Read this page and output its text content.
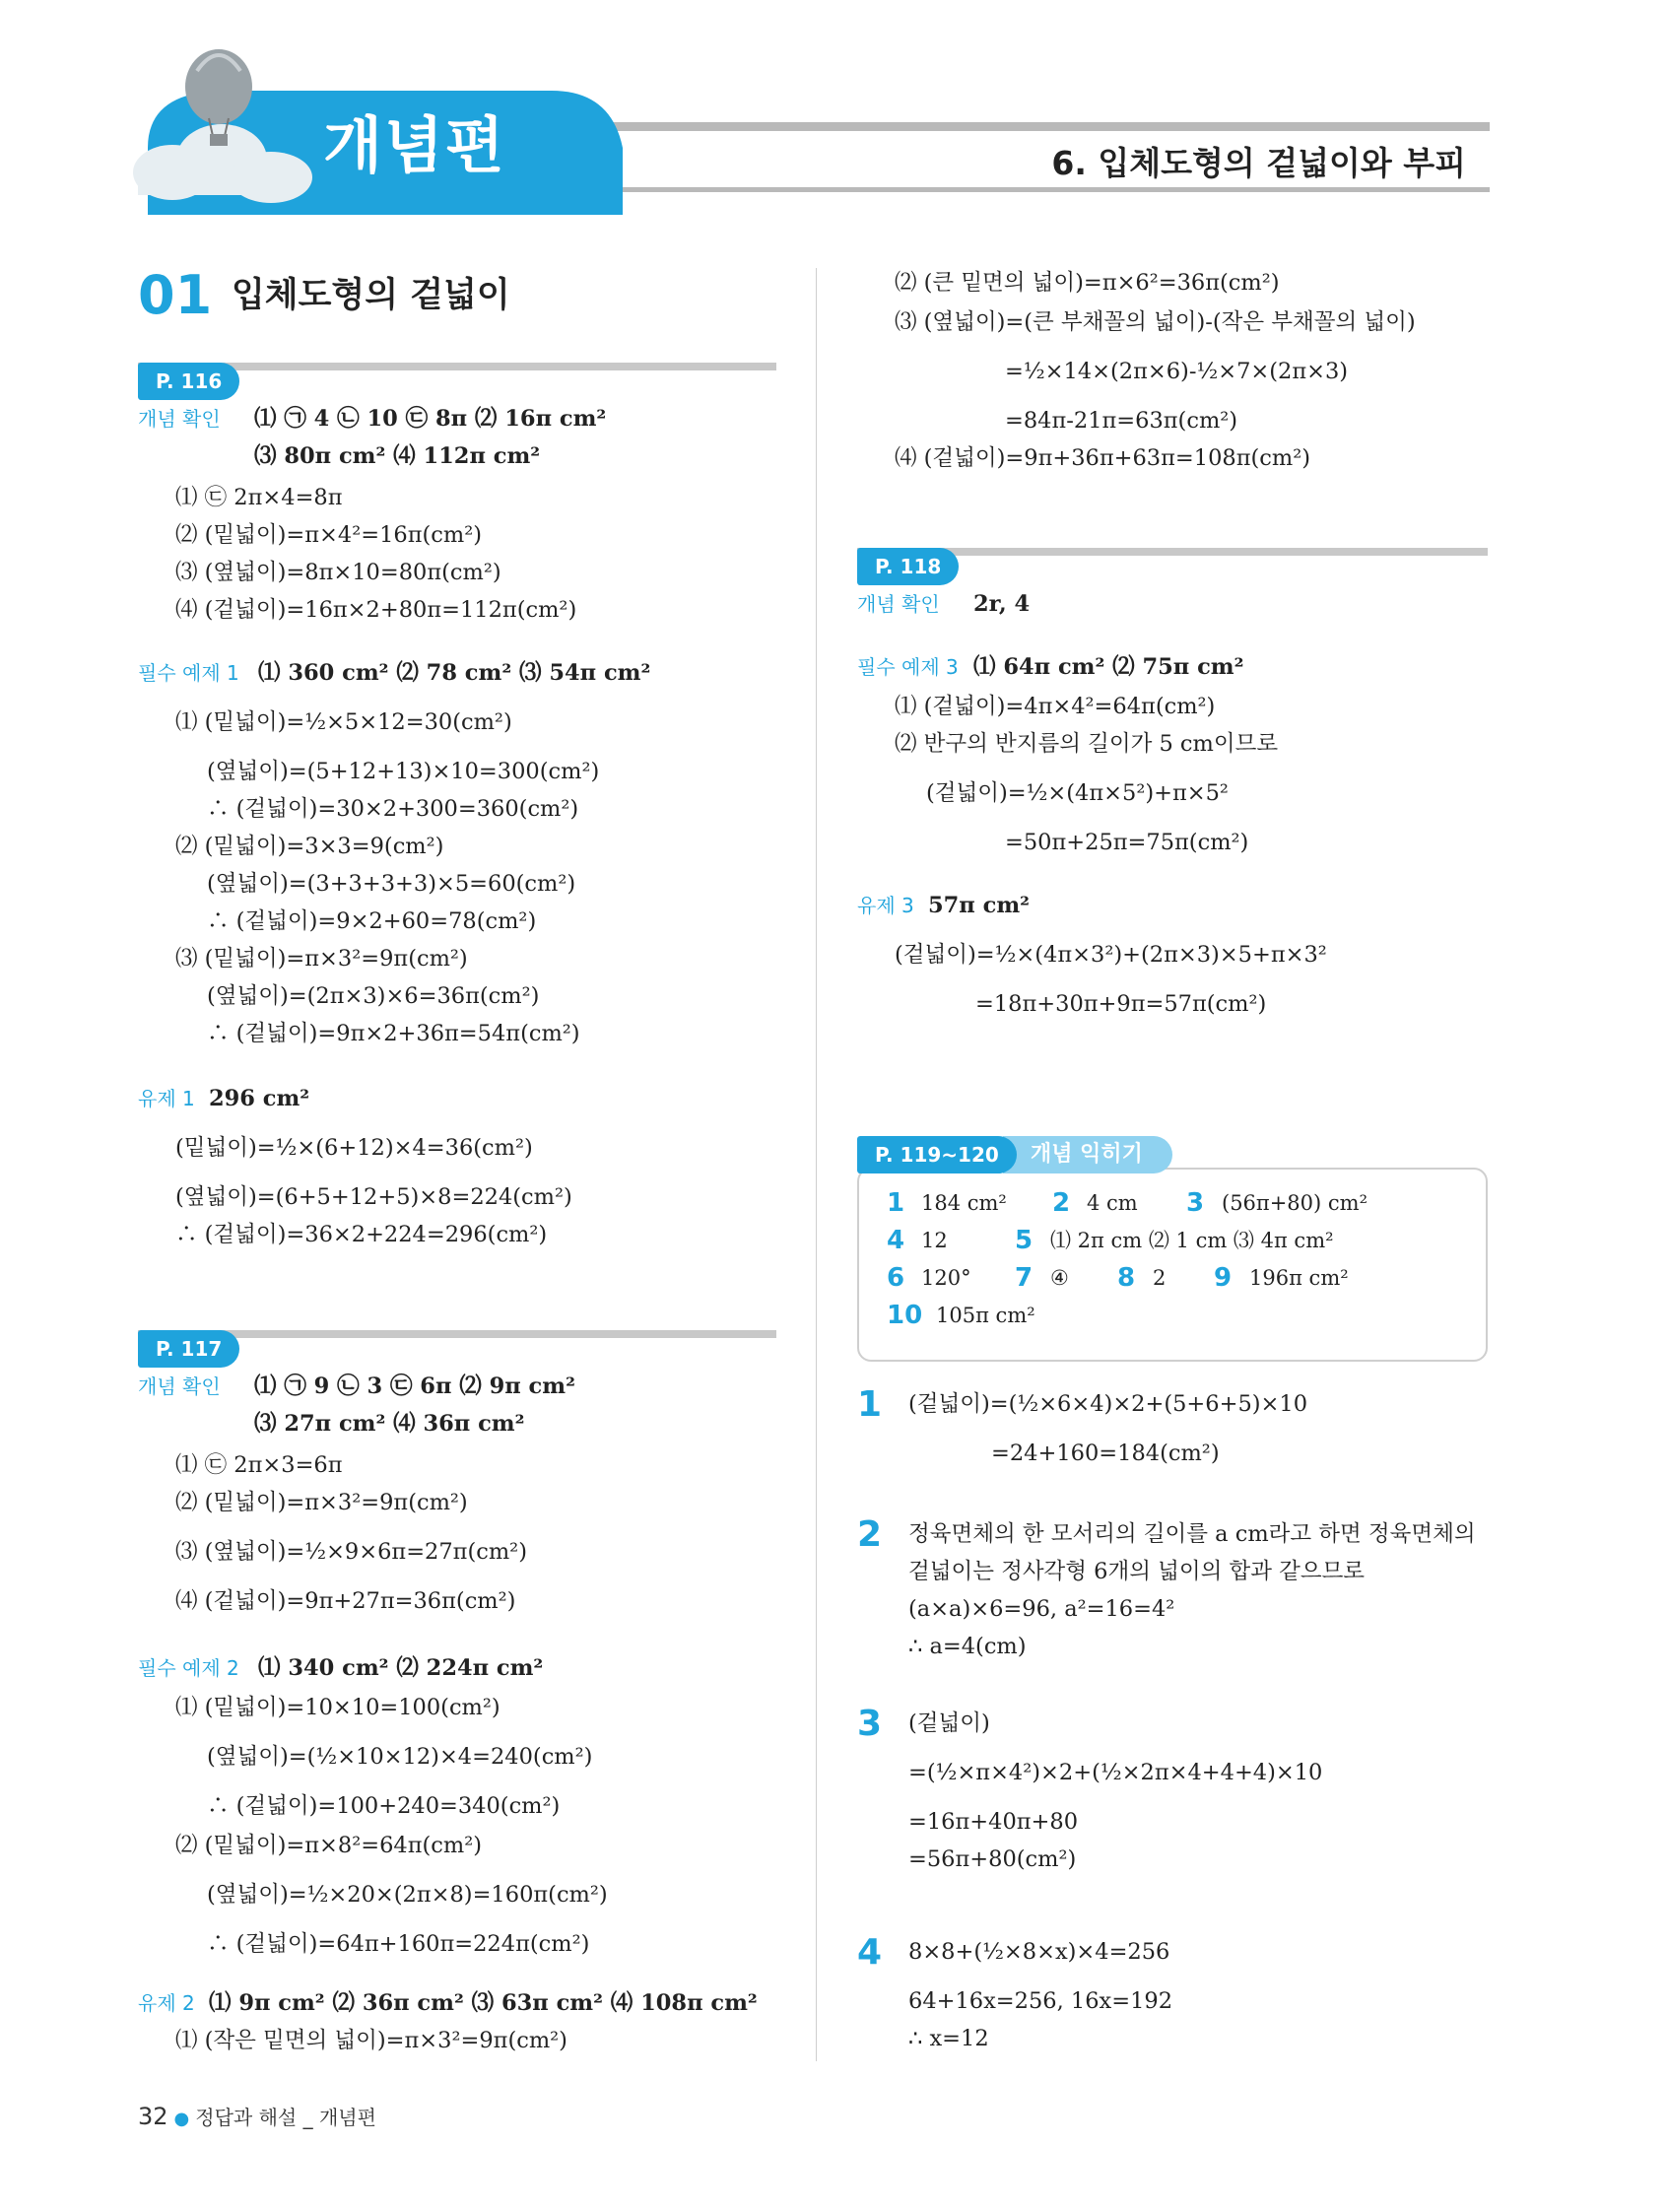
개념편	6. 입체도형의 겉넓이와 부피
01 입체도형의 겉넓이
P. 116
개념 확인 ⑴ ㉠ 4 ㉡ 10 ㉢ 8π ⑵ 16π cm²
⑶ 80π cm² ⑷ 112π cm²
⑴ ㉢ 2π×4=8π
⑵ (밑넓이)=π×4²=16π(cm²)
⑶ (옆넓이)=8π×10=80π(cm²)
⑷ (겉넓이)=16π×2+80π=112π(cm²)
필수 예제 1 ⑴ 360 cm² ⑵ 78 cm² ⑶ 54π cm²
⑴ (밑넓이)=½×5×12=30(cm²)
(옆넓이)=(5+12+13)×10=300(cm²)
∴ (겉넓이)=30×2+300=360(cm²)
⑵ (밑넓이)=3×3=9(cm²)
(옆넓이)=(3+3+3+3)×5=60(cm²)
∴ (겉넓이)=9×2+60=78(cm²)
⑶ (밑넓이)=π×3²=9π(cm²)
(옆넓이)=(2π×3)×6=36π(cm²)
∴ (겉넓이)=9π×2+36π=54π(cm²)
유제 1 296 cm²
(밑넓이)=½×(6+12)×4=36(cm²)
(옆넓이)=(6+5+12+5)×8=224(cm²)
∴ (겉넓이)=36×2+224=296(cm²)
P. 117
개념 확인 ⑴ ㉠ 9 ㉡ 3 ㉢ 6π ⑵ 9π cm²
⑶ 27π cm² ⑷ 36π cm²
⑴ ㉢ 2π×3=6π
⑵ (밑넓이)=π×3²=9π(cm²)
⑶ (옆넓이)=½×9×6π=27π(cm²)
⑷ (겉넓이)=9π+27π=36π(cm²)
필수 예제 2 ⑴ 340 cm² ⑵ 224π cm²
⑴ (밑넓이)=10×10=100(cm²)
(옆넓이)=(½×10×12)×4=240(cm²)
∴ (겉넓이)=100+240=340(cm²)
⑵ (밑넓이)=π×8²=64π(cm²)
(옆넓이)=½×20×(2π×8)=160π(cm²)
∴ (겉넓이)=64π+160π=224π(cm²)
유제 2 ⑴ 9π cm² ⑵ 36π cm² ⑶ 63π cm² ⑷ 108π cm²
⑴ (작은 밑면의 넓이)=π×3²=9π(cm²)
⑵ (큰 밑면의 넓이)=π×6²=36π(cm²)
⑶ (옆넓이)=(큰 부채꼴의 넓이)-(작은 부채꼴의 넓이)
=½×14×(2π×6)-½×7×(2π×3)
=84π-21π=63π(cm²)
⑷ (겉넓이)=9π+36π+63π=108π(cm²)
P. 118
개념 확인 2r, 4
필수 예제 3 ⑴ 64π cm² ⑵ 75π cm²
⑴ (겉넓이)=4π×4²=64π(cm²)
⑵ 반구의 반지름의 길이가 5 cm이므로
(겉넓이)=½×(4π×5²)+π×5²
=50π+25π=75π(cm²)
유제 3 57π cm²
(겉넓이)=½×(4π×3²)+(2π×3)×5+π×3²
=18π+30π+9π=57π(cm²)
개념 익히기
P. 119~120
1 184 cm² 2 4 cm 3 (56π+80) cm²
4 12	5 ⑴ 2π cm ⑵ 1 cm ⑶ 4π cm²
6 120° 7 ④ 8 2 9 196π cm²
10 105π cm²
1 (겉넓이)=(½×6×4)×2+(5+6+5)×10
=24+160=184(cm²)
2 정육면체의 한 모서리의 길이를 a cm라고 하면 정육면체의
겉넓이는 정사각형 6개의 넓이의 합과 같으므로
(a×a)×6=96, a²=16=4²
∴ a=4(cm)
3 (겉넓이)
=(½×π×4²)×2+(½×2π×4+4+4)×10
=16π+40π+80
=56π+80(cm²)
4 8×8+(½×8×x)×4=256
64+16x=256, 16x=192
∴ x=12
32 ● 정답과 해설 _ 개념편
